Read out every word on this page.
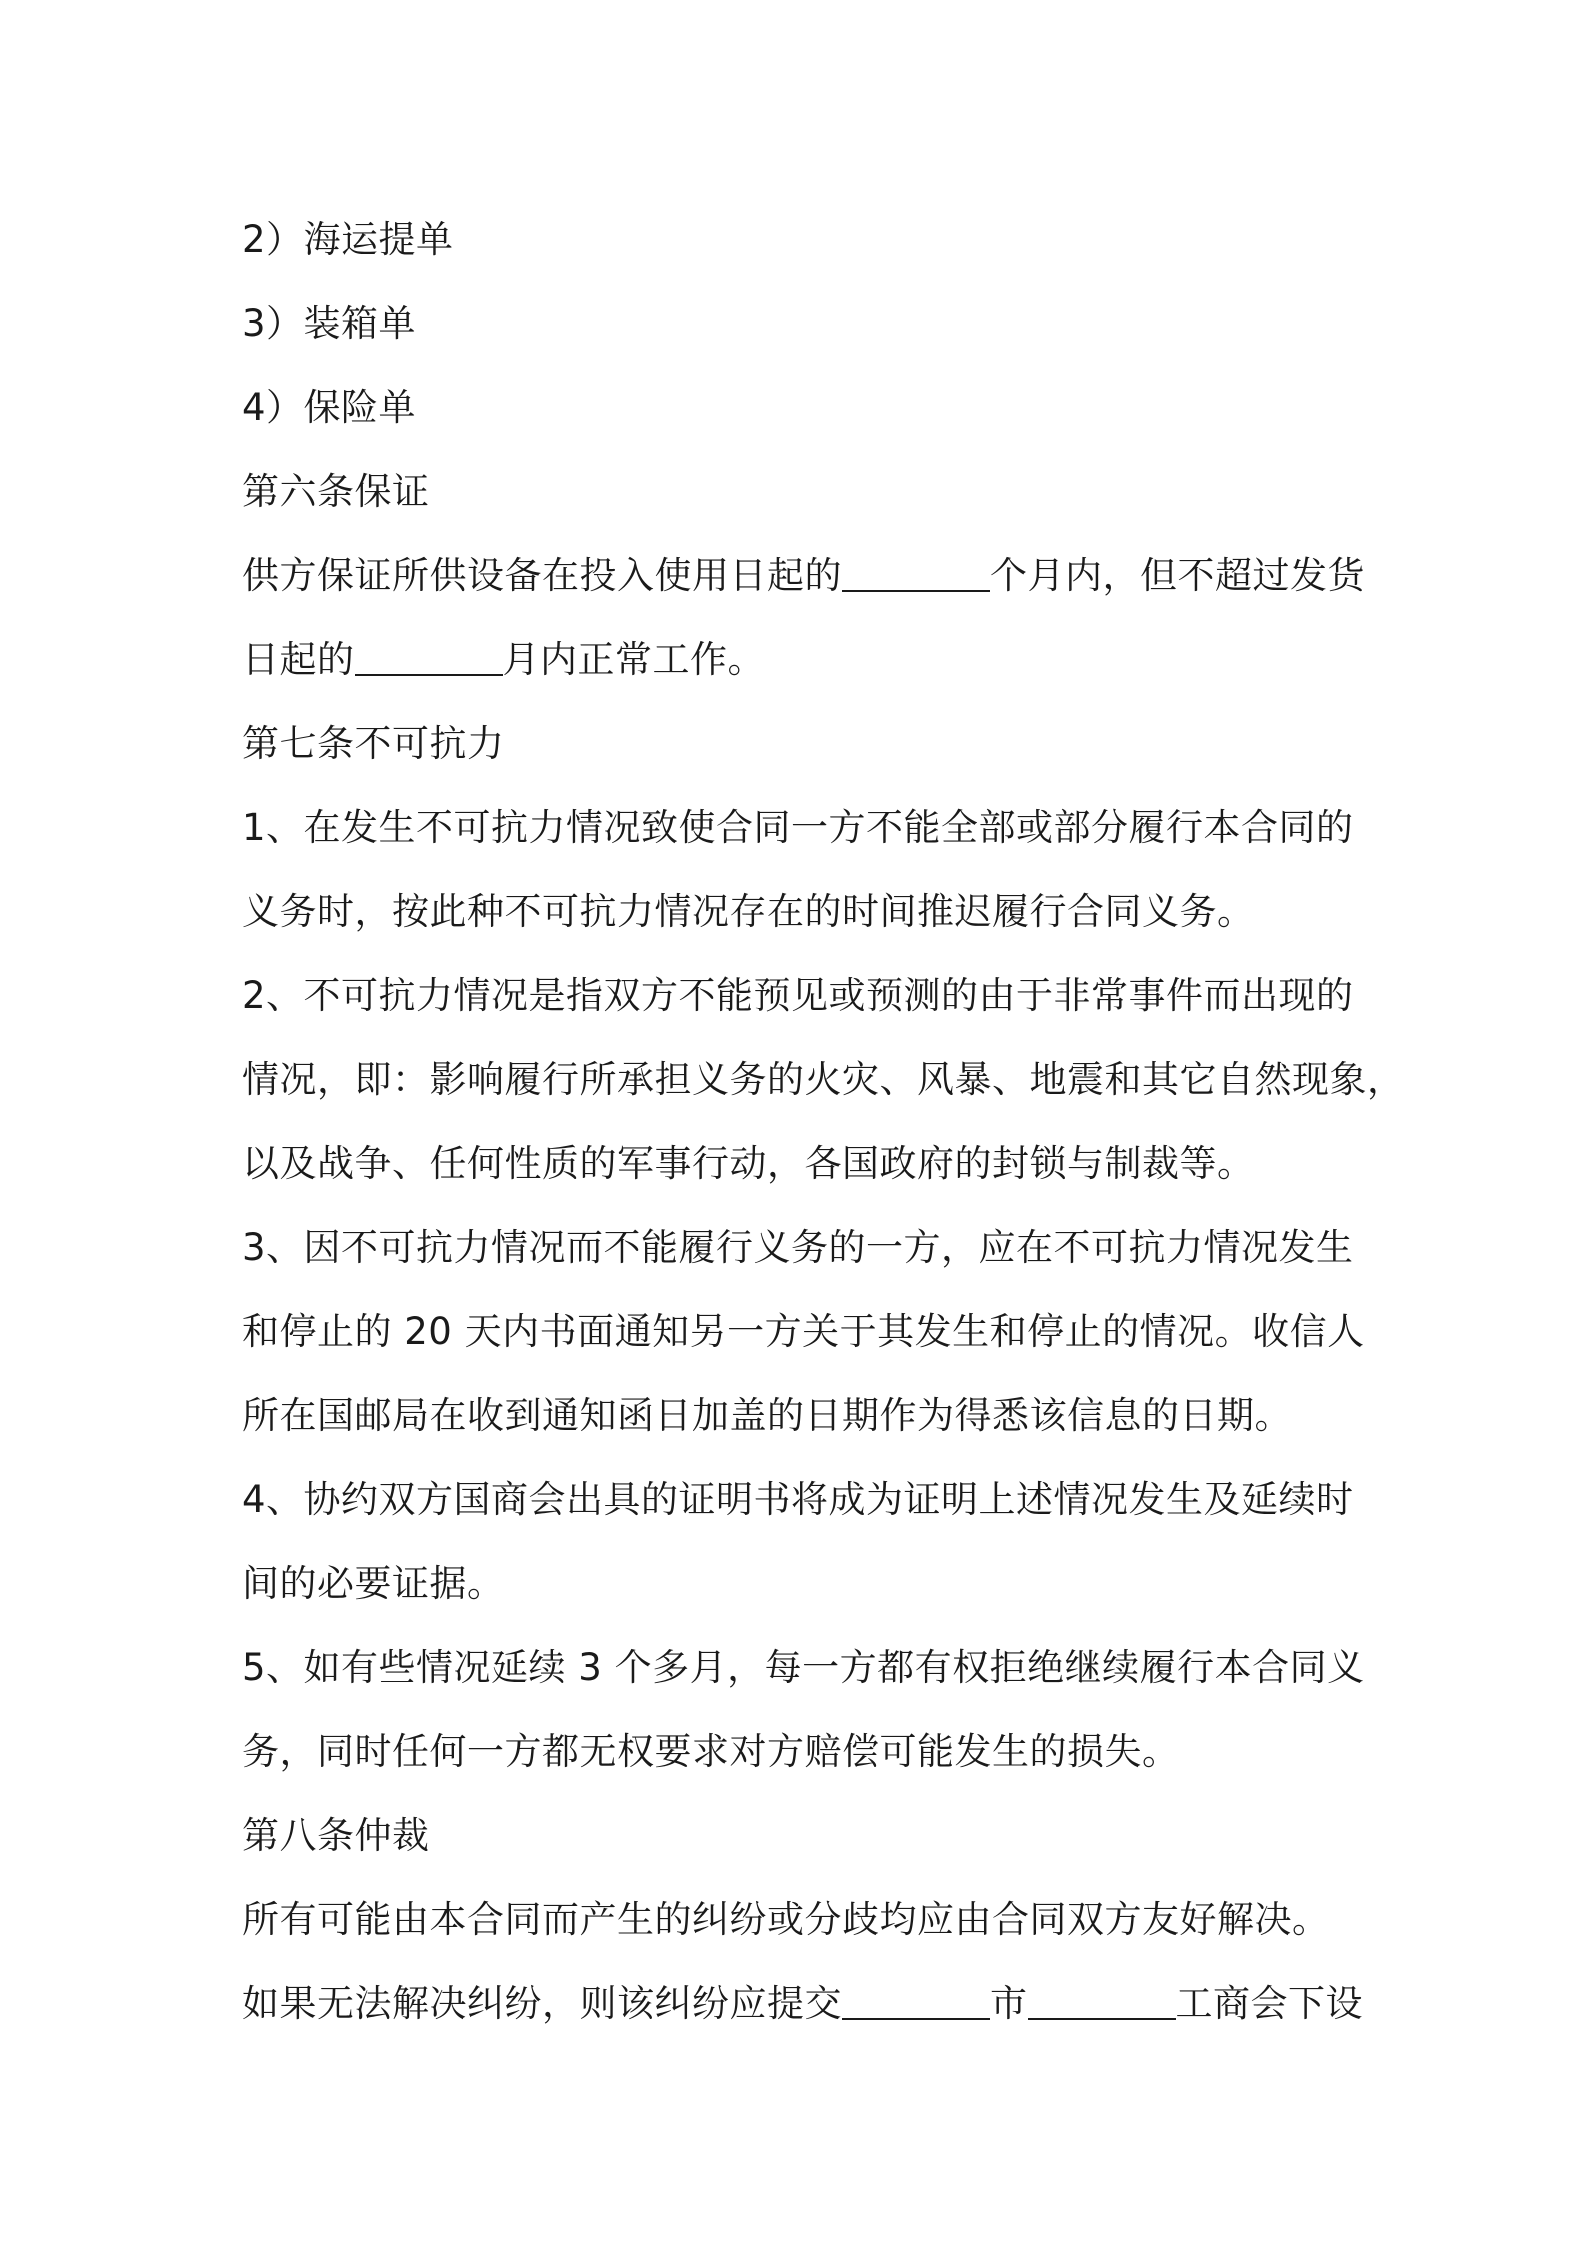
2）海运提单
3）装箱单
4）保险单
第六条保证
供方保证所供设备在投入使用日起的	个月内，但不超过发货
日起的	月内正常工作。
第七条不可抗力
1、在发生不可抗力情况致使合同一方不能全部或部分履行本合同的
义务时，按此种不可抗力情况存在的时间推迟履行合同义务。
2、不可抗力情况是指双方不能预见或预测的由于非常事件而出现的
情况，即：影响履行所承担义务的火灾、风暴、地震和其它自然现象，
以及战争、任何性质的军事行动，各国政府的封锁与制裁等。
3、因不可抗力情况而不能履行义务的一方，应在不可抗力情况发生
和停止的 20 天内书面通知另一方关于其发生和停止的情况。收信人
所在国邮局在收到通知函日加盖的日期作为得悉该信息的日期。
4、协约双方国商会出具的证明书将成为证明上述情况发生及延续时
间的必要证据。
5、如有些情况延续 3 个多月，每一方都有权拒绝继续履行本合同义
务，同时任何一方都无权要求对方赔偿可能发生的损失。
第八条仲裁
所有可能由本合同而产生的纠纷或分歧均应由合同双方友好解决。
如果无法解决纠纷，则该纠纷应提交	市	工商会下设
